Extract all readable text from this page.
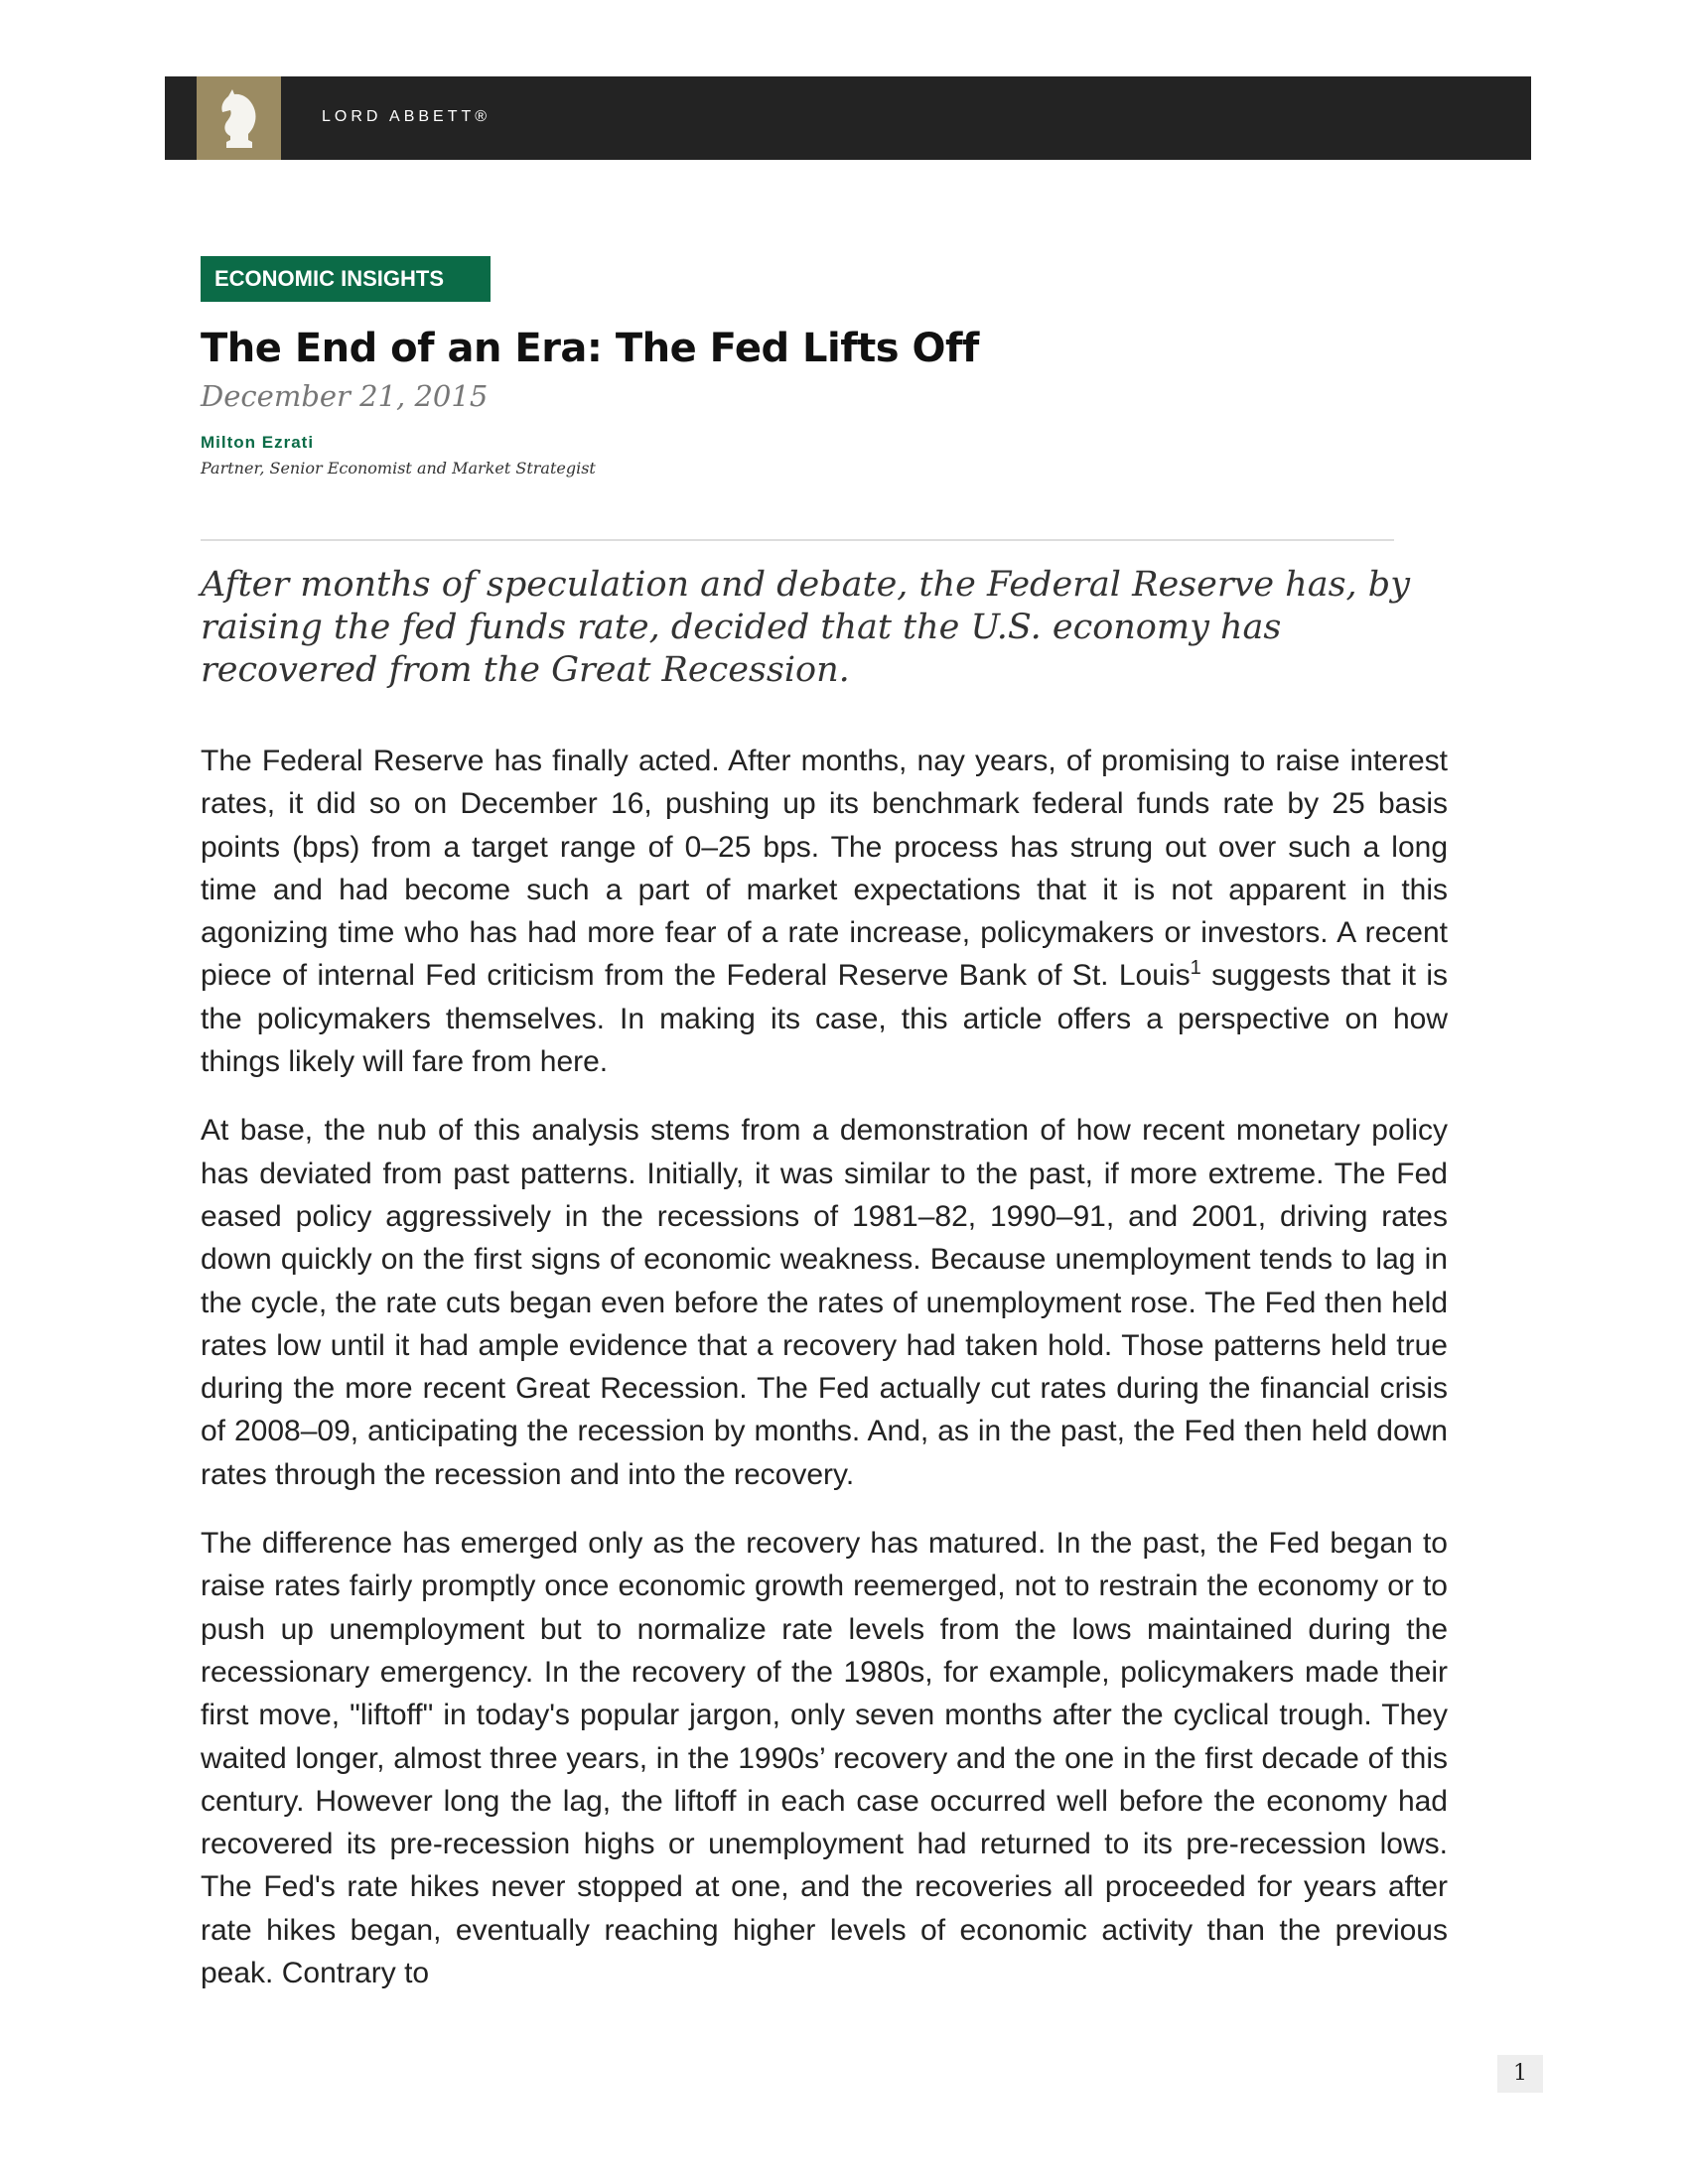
LORD ABBETT®
ECONOMIC INSIGHTS
The End of an Era: The Fed Lifts Off
December 21, 2015
Milton Ezrati
Partner, Senior Economist and Market Strategist
After months of speculation and debate, the Federal Reserve has, by raising the fed funds rate, decided that the U.S. economy has recovered from the Great Recession.

The Federal Reserve has finally acted. After months, nay years, of promising to raise interest rates, it did so on December 16, pushing up its benchmark federal funds rate by 25 basis points (bps) from a target range of 0–25 bps. The process has strung out over such a long time and had become such a part of market expectations that it is not apparent in this agonizing time who has had more fear of a rate increase, policymakers or investors. A recent piece of internal Fed criticism from the Federal Reserve Bank of St. Louis$^1$ suggests that it is the policymakers themselves. In making its case, this article offers a perspective on how things likely will fare from here.

At base, the nub of this analysis stems from a demonstration of how recent monetary policy has deviated from past patterns. Initially, it was similar to the past, if more extreme. The Fed eased policy aggressively in the recessions of 1981–82, 1990–91, and 2001, driving rates down quickly on the first signs of economic weakness. Because unemployment tends to lag in the cycle, the rate cuts began even before the rates of unemployment rose. The Fed then held rates low until it had ample evidence that a recovery had taken hold. Those patterns held true during the more recent Great Recession. The Fed actually cut rates during the financial crisis of 2008–09, anticipating the recession by months. And, as in the past, the Fed then held down rates through the recession and into the recovery.

The difference has emerged only as the recovery has matured. In the past, the Fed began to raise rates fairly promptly once economic growth reemerged, not to restrain the economy or to push up unemployment but to normalize rate levels from the lows maintained during the recessionary emergency. In the recovery of the 1980s, for example, policymakers made their first move, "liftoff" in today's popular jargon, only seven months after the cyclical trough. They waited longer, almost three years, in the 1990s’ recovery and the one in the first decade of this century. However long the lag, the liftoff in each case occurred well before the economy had recovered its pre-recession highs or unemployment had returned to its pre-recession lows. The Fed's rate hikes never stopped at one, and the recoveries all proceeded for years after rate hikes began, eventually reaching higher levels of economic activity than the previous peak. Contrary to

1
